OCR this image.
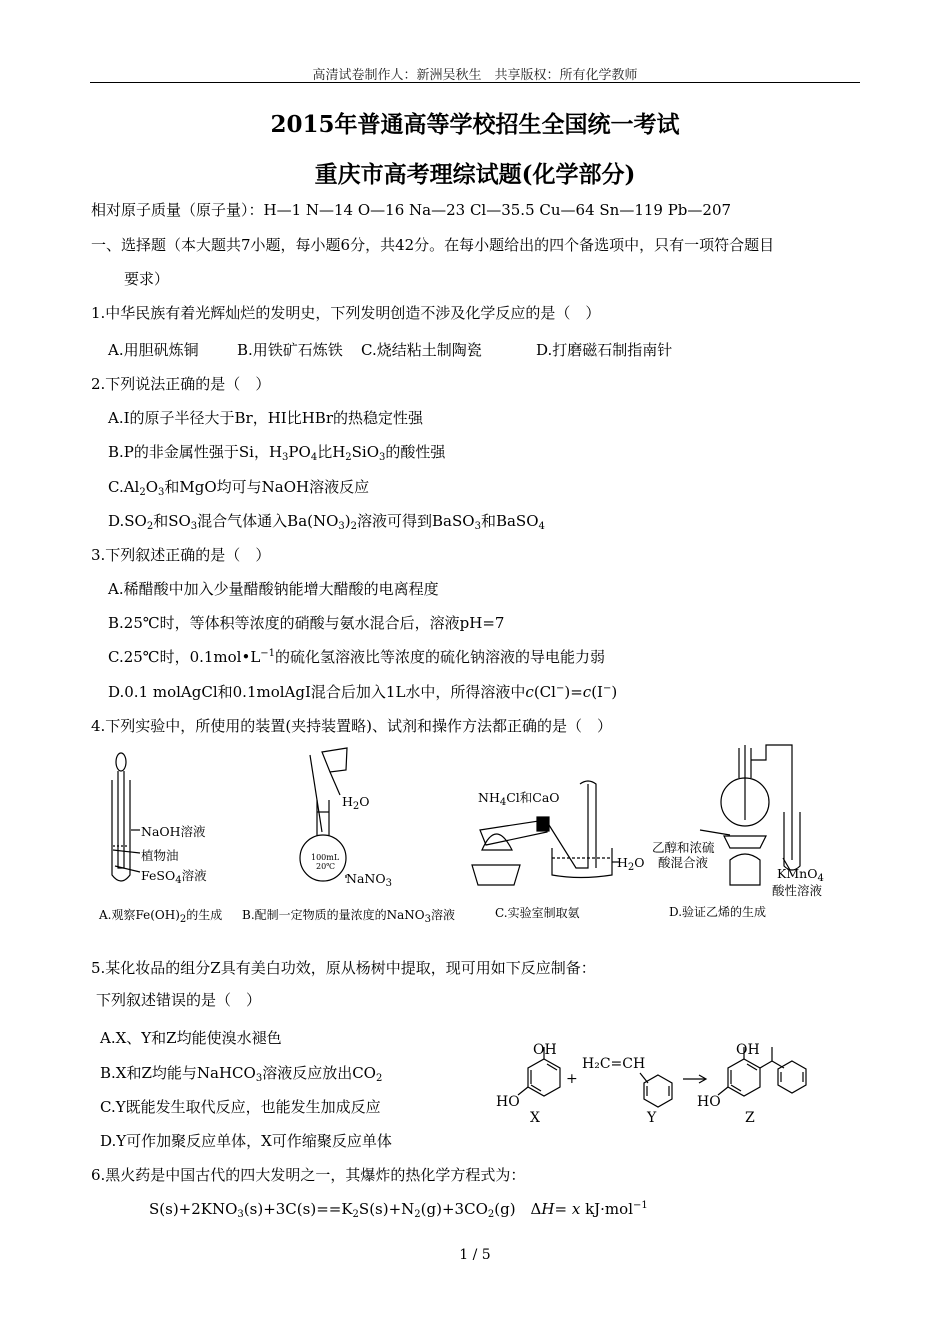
高清试卷制作人：新洲吴秋生　共享版权：所有化学教师
2015年普通高等学校招生全国统一考试
重庆市高考理综试题(化学部分)
相对原子质量（原子量）：H—1 N—14 O—16 Na—23 Cl—35.5 Cu—64 Sn—119 Pb—207
一、选择题（本大题共7小题，每小题6分，共42分。在每小题给出的四个备选项中，只有一项符合题目
要求）
1.中华民族有着光辉灿烂的发明史，下列发明创造不涉及化学反应的是（　）
A.用胆矾炼铜	B.用铁矿石炼铁 C.烧结粘土制陶瓷	D.打磨磁石制指南针
2.下列说法正确的是（　）
A.I的原子半径大于Br，HI比HBr的热稳定性强
B.P的非金属性强于Si，$H_3PO_4$比$H_2SiO_3$的酸性强
$C.Al_2O_3$和MgO均可与NaOH溶液反应
$D.SO_2$和$SO_3$混合气体通入$Ba(NO_3)_2$溶液可得到BaSO$_3$和BaSO$_4$
3.下列叙述正确的是（　）
A.稀醋酸中加入少量醋酸钠能增大醋酸的电离程度
B.25℃时，等体积等浓度的硝酸与氨水混合后，溶液pH=7
C.25℃时，$0.1mol•L^{-1}$的硫化氢溶液比等浓度的硫化钠溶液的导电能力弱
D.0.1 molAgCl和0.1molAgI混合后加入1L水中，所得溶液中c(Cl−)=c(I−)
4.下列实验中，所使用的装置(夹持装置略)、试剂和操作方法都正确的是（　）
NaOH溶液
植物油
FeSO$_4$溶液
A.观察$Fe(OH)_2$的生成
$H_2O$
100mL
20℃
NaNO$_3$
B.配制一定物质的量浓度的NaNO$_3$溶液
$NH_4Cl$和CaO
$H_2O$
C.实验室制取氨
乙醇和浓硫
酸混合液
KMnO$_4$
酸性溶液
D.验证乙烯的生成
5.某化妆品的组分Z具有美白功效，原从杨树中提取，现可用如下反应制备：
下列叙述错误的是（　）
A.X、Y和Z均能使溴水褪色
B.X和Z均能与NaHCO$_3$溶液反应放出$CO_2$
C.Y既能发生取代反应，也能发生加成反应
D.Y可作加聚反应单体，X可作缩聚反应单体
OH
HO
X
+
H₂C=CH
Y
OH
HO
Z
6.黑火药是中国古代的四大发明之一，其爆炸的热化学方程式为：
$S(s)+2KNO_3(s)+3C(s)==K_2S(s)+N_2(g)+3CO_2(g)$　ΔH= x kJ·mol$^{-1}$
1 / 5
